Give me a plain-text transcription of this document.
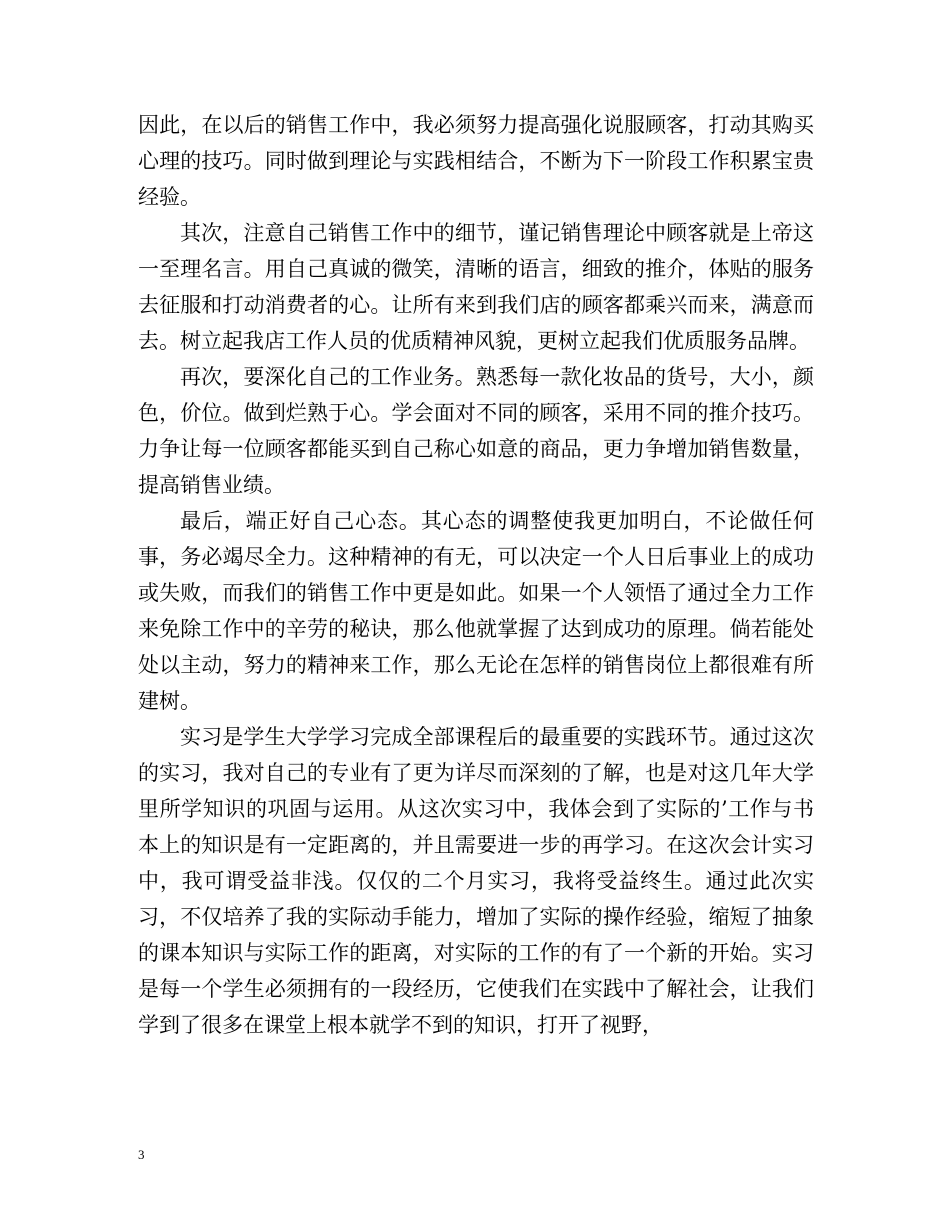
因此，在以后的销售工作中，我必须努力提高强化说服顾客，打动其购买心理的技巧。同时做到理论与实践相结合，不断为下一阶段工作积累宝贵经验。

其次，注意自己销售工作中的细节，谨记销售理论中顾客就是上帝这一至理名言。用自己真诚的微笑，清晰的语言，细致的推介，体贴的服务去征服和打动消费者的心。让所有来到我们店的顾客都乘兴而来，满意而去。树立起我店工作人员的优质精神风貌，更树立起我们优质服务品牌。

再次，要深化自己的工作业务。熟悉每一款化妆品的货号，大小，颜色，价位。做到烂熟于心。学会面对不同的顾客，采用不同的推介技巧。力争让每一位顾客都能买到自己称心如意的商品，更力争增加销售数量，提高销售业绩。

最后，端正好自己心态。其心态的调整使我更加明白，不论做任何事，务必竭尽全力。这种精神的有无，可以决定一个人日后事业上的成功或失败，而我们的销售工作中更是如此。如果一个人领悟了通过全力工作来免除工作中的辛劳的秘诀，那么他就掌握了达到成功的原理。倘若能处处以主动，努力的精神来工作，那么无论在怎样的销售岗位上都很难有所建树。

实习是学生大学学习完成全部课程后的最重要的实践环节。通过这次的实习，我对自己的专业有了更为详尽而深刻的了解，也是对这几年大学里所学知识的巩固与运用。从这次实习中，我体会到了实际的’工作与书本上的知识是有一定距离的，并且需要进一步的再学习。在这次会计实习中，我可谓受益非浅。仅仅的二个月实习，我将受益终生。通过此次实习，不仅培养了我的实际动手能力，增加了实际的操作经验，缩短了抽象的课本知识与实际工作的距离，对实际的工作的有了一个新的开始。实习是每一个学生必须拥有的一段经历，它使我们在实践中了解社会，让我们学到了很多在课堂上根本就学不到的知识，打开了视野，

3
